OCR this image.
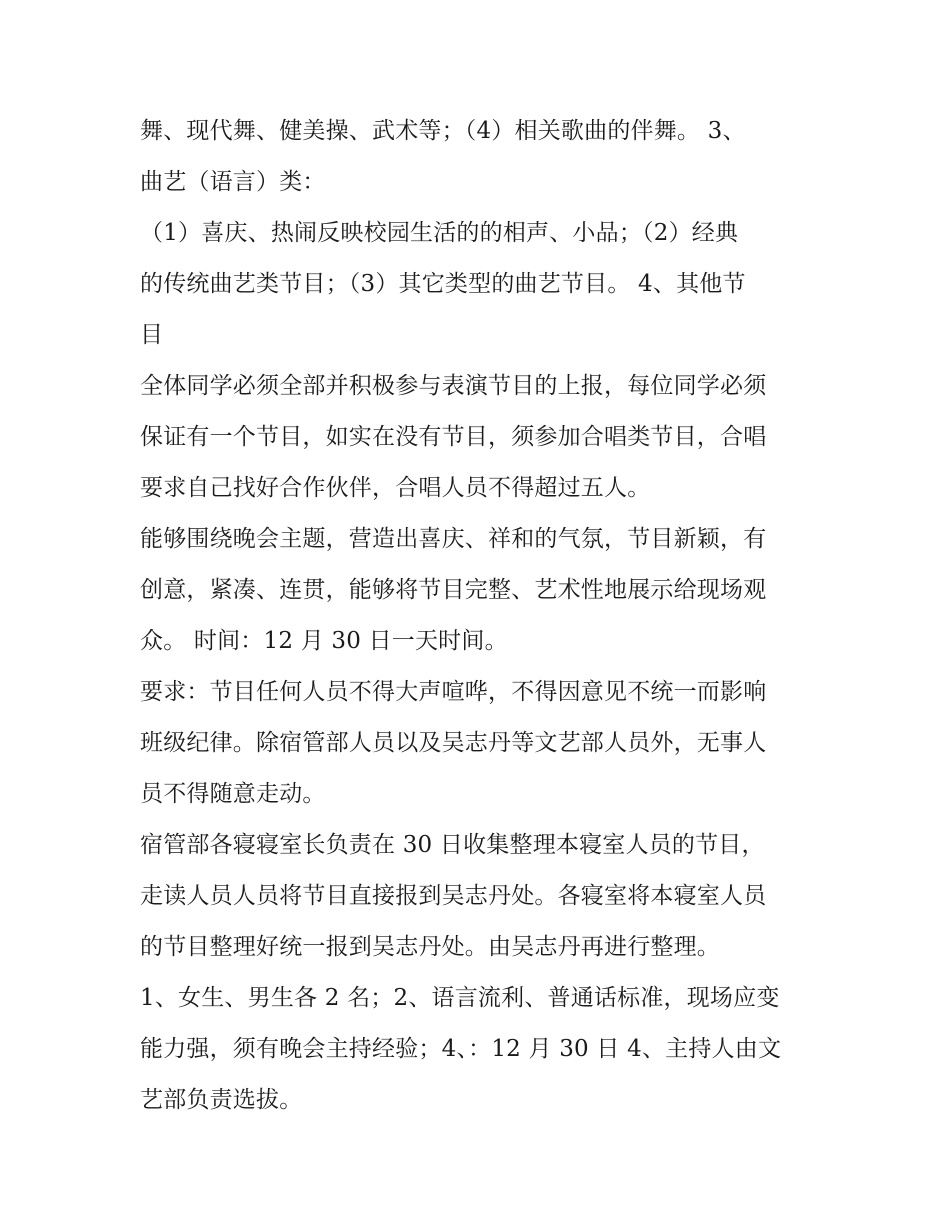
舞、现代舞、健美操、武术等；（4）相关歌曲的伴舞。 3、
曲艺（语言）类：
（1）喜庆、热闹反映校园生活的的相声、小品；（2）经典
的传统曲艺类节目；（3）其它类型的曲艺节目。 4、其他节
目
全体同学必须全部并积极参与表演节目的上报，每位同学必须
保证有一个节目，如实在没有节目，须参加合唱类节目，合唱
要求自己找好合作伙伴，合唱人员不得超过五人。
能够围绕晚会主题，营造出喜庆、祥和的气氛，节目新颖，有
创意，紧凑、连贯，能够将节目完整、艺术性地展示给现场观
众。 时间：12 月 30 日一天时间。
要求：节目任何人员不得大声喧哗，不得因意见不统一而影响
班级纪律。除宿管部人员以及吴志丹等文艺部人员外，无事人
员不得随意走动。
宿管部各寝寝室长负责在 30 日收集整理本寝室人员的节目，
走读人员人员将节目直接报到吴志丹处。各寝室将本寝室人员
的节目整理好统一报到吴志丹处。由吴志丹再进行整理。
1、女生、男生各 2 名；2、语言流利、普通话标准，现场应变
能力强，须有晚会主持经验；4、：12 月 30 日 4、主持人由文
艺部负责选拔。
